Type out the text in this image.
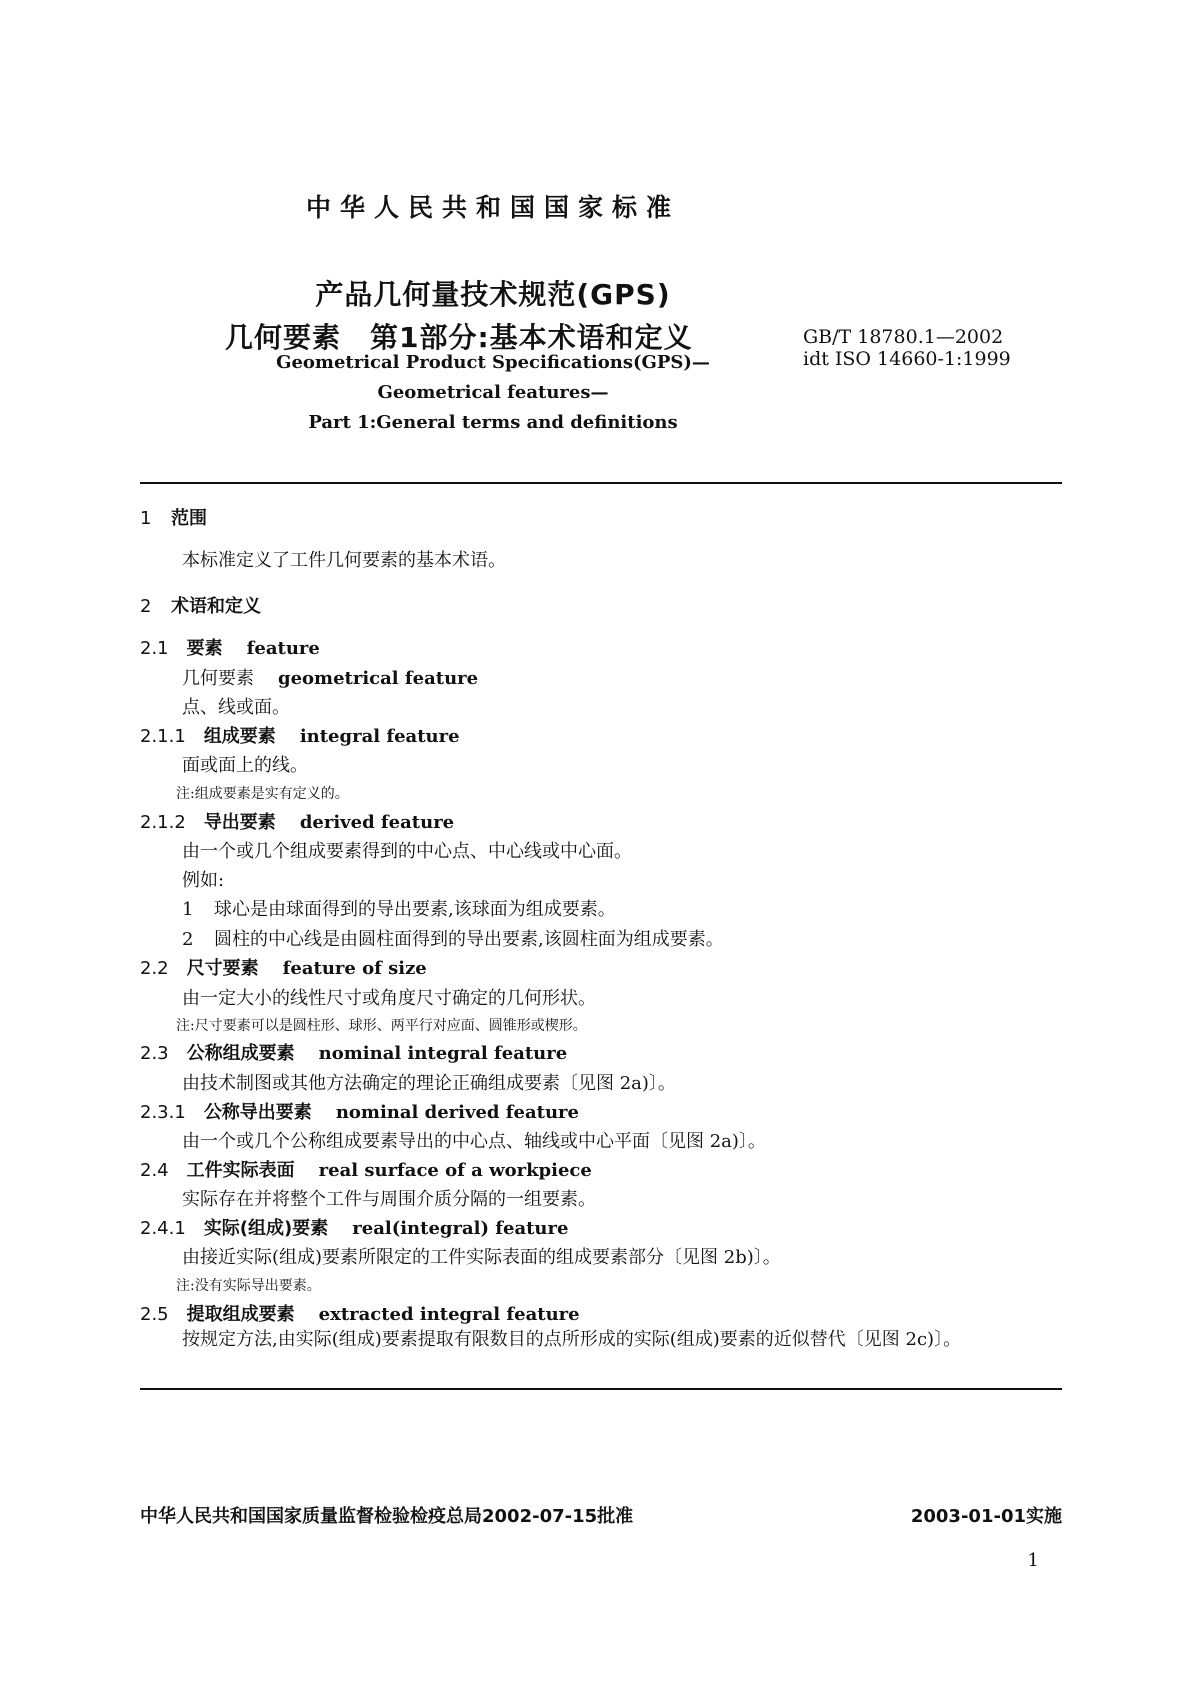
中华人民共和国国家标准
产品几何量技术规范(GPS)
几何要素　第1部分:基本术语和定义	GB/T 18780.1—2002
idt ISO 14660-1:1999
Geometrical Product Specifications(GPS)—
Geometrical features—
Part 1:General terms and definitions
1 范围
本标准定义了工件几何要素的基本术语。
2 术语和定义
2.1 要素 feature
几何要素 geometrical feature
点、线或面。
2.1.1 组成要素 integral feature
面或面上的线。
注:组成要素是实有定义的。
2.1.2 导出要素 derived feature
由一个或几个组成要素得到的中心点、中心线或中心面。
例如:
1 球心是由球面得到的导出要素,该球面为组成要素。
2 圆柱的中心线是由圆柱面得到的导出要素,该圆柱面为组成要素。
2.2 尺寸要素 feature of size
由一定大小的线性尺寸或角度尺寸确定的几何形状。
注:尺寸要素可以是圆柱形、球形、两平行对应面、圆锥形或楔形。
2.3 公称组成要素 nominal integral feature
由技术制图或其他方法确定的理论正确组成要素〔见图 2a)〕。
2.3.1 公称导出要素 nominal derived feature
由一个或几个公称组成要素导出的中心点、轴线或中心平面〔见图 2a)〕。
2.4 工件实际表面 real surface of a workpiece
实际存在并将整个工件与周围介质分隔的一组要素。
2.4.1 实际(组成)要素 real(integral) feature
由接近实际(组成)要素所限定的工件实际表面的组成要素部分〔见图 2b)〕。
注:没有实际导出要素。
2.5 提取组成要素 extracted integral feature
按规定方法,由实际(组成)要素提取有限数目的点所形成的实际(组成)要素的近似替代〔见图 2c)〕。
中华人民共和国国家质量监督检验检疫总局2002-07-15批准	2003-01-01实施
1
